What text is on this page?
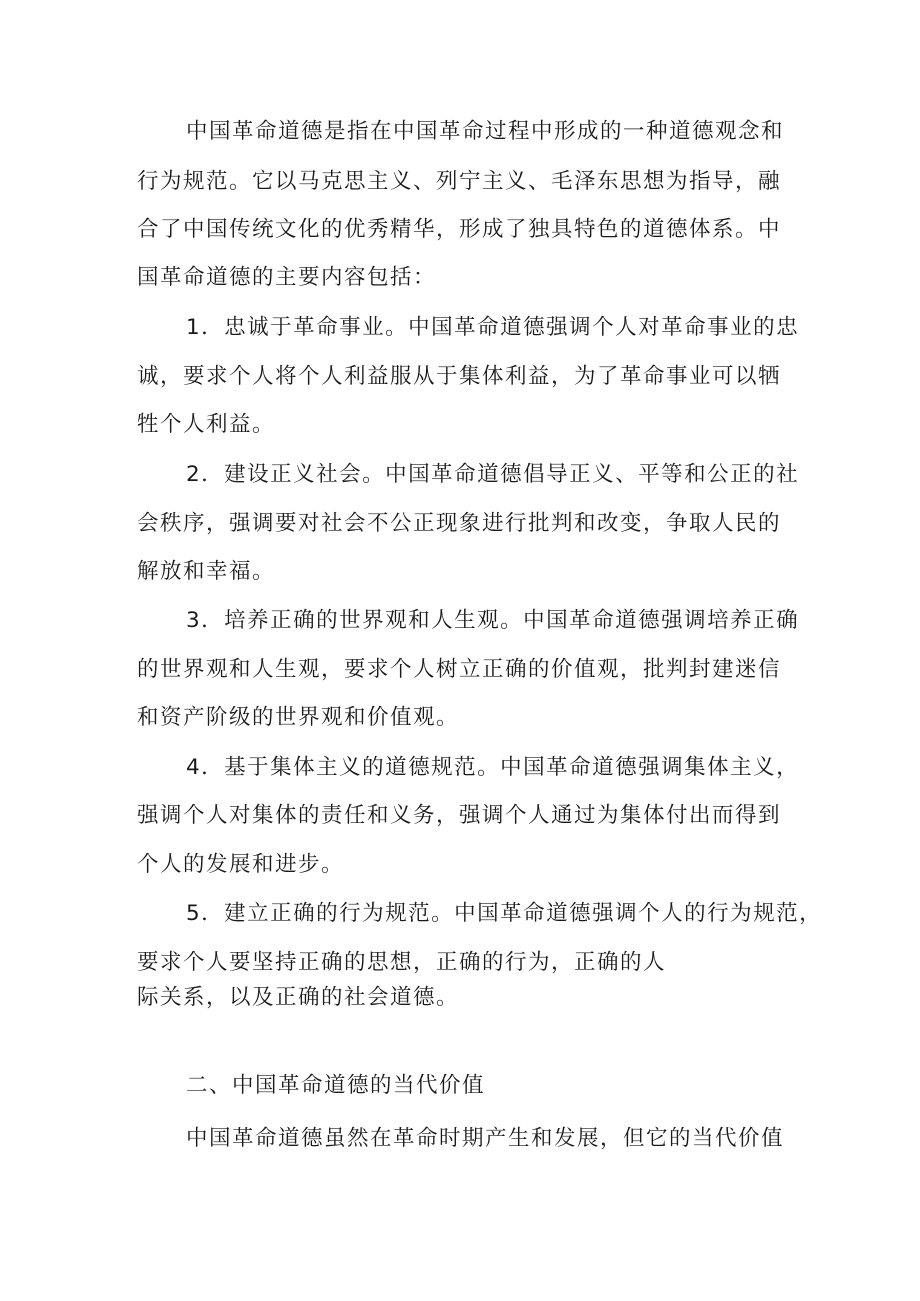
中国革命道德是指在中国革命过程中形成的一种道德观念和
行为规范。它以马克思主义、列宁主义、毛泽东思想为指导，融
合了中国传统文化的优秀精华，形成了独具特色的道德体系。中
国革命道德的主要内容包括：
1．忠诚于革命事业。中国革命道德强调个人对革命事业的忠
诚，要求个人将个人利益服从于集体利益，为了革命事业可以牺
牲个人利益。
2．建设正义社会。中国革命道德倡导正义、平等和公正的社
会秩序，强调要对社会不公正现象进行批判和改变，争取人民的
解放和幸福。
3．培养正确的世界观和人生观。中国革命道德强调培养正确
的世界观和人生观，要求个人树立正确的价值观，批判封建迷信
和资产阶级的世界观和价值观。
4．基于集体主义的道德规范。中国革命道德强调集体主义，
强调个人对集体的责任和义务，强调个人通过为集体付出而得到
个人的发展和进步。
5．建立正确的行为规范。中国革命道德强调个人的行为规范，
要求个人要坚持正确的思想，正确的行为，正确的人
际关系，以及正确的社会道德。
二、中国革命道德的当代价值
中国革命道德虽然在革命时期产生和发展，但它的当代价值
